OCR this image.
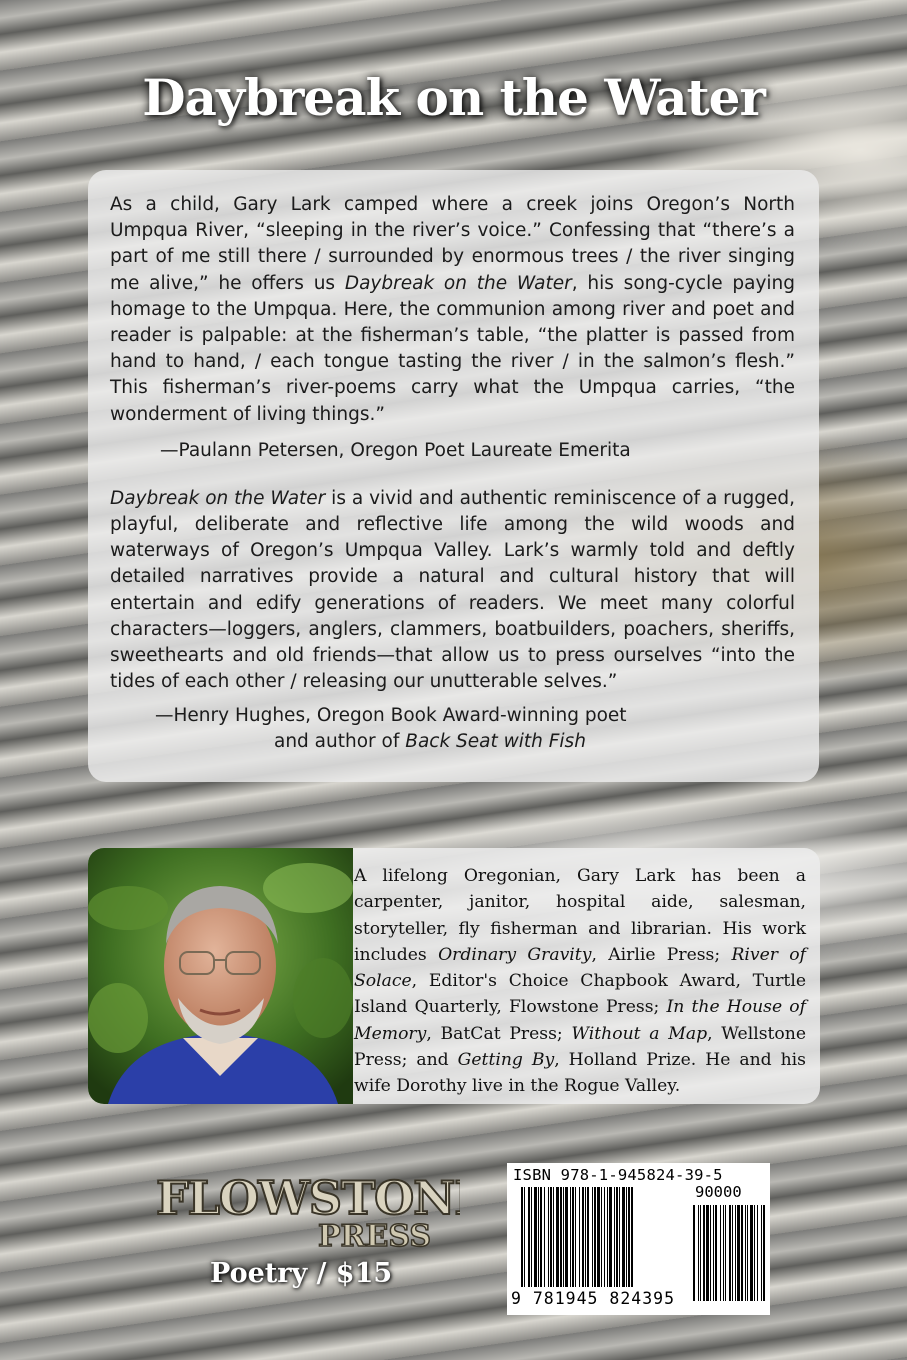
Daybreak on the Water

As a child, Gary Lark camped where a creek joins Oregon’s North Umpqua River, “sleeping in the river’s voice.” Confessing that “there’s a part of me still there / surrounded by enormous trees / the river singing me alive,” he offers us Daybreak on the Water, his song-cycle paying homage to the Umpqua. Here, the communion among river and poet and reader is palpable: at the fisherman’s table, “the platter is passed from hand to hand, / each tongue tasting the river / in the salmon’s flesh.” This fisherman’s river-poems carry what the Umpqua carries, “the wonderment of living things.”

—Paulann Petersen, Oregon Poet Laureate Emerita

Daybreak on the Water is a vivid and authentic reminiscence of a rugged, playful, deliberate and reflective life among the wild woods and waterways of Oregon’s Umpqua Valley. Lark’s warmly told and deftly detailed narratives provide a natural and cultural history that will entertain and edify generations of readers. We meet many colorful characters—loggers, anglers, clammers, boatbuilders, poachers, sheriffs, sweethearts and old friends—that allow us to press ourselves “into the tides of each other / releasing our unutterable selves.”

—Henry Hughes, Oregon Book Award-winning poet
and author of Back Seat with Fish
A lifelong Oregonian, Gary Lark has been a carpenter, janitor, hospital aide, salesman, storyteller, fly fisherman and librarian. His work includes Ordinary Gravity, Airlie Press; River of Solace, Editor's Choice Chapbook Award, Turtle Island Quarterly, Flowstone Press; In the House of Memory, BatCat Press; Without a Map, Wellstone Press; and Getting By, Holland Prize. He and his wife Dorothy live in the Rogue Valley.
FLOWSTONE
PRESS
Poetry / $15
ISBN 978-1-945824-39-5
90000
9 781945 824395
